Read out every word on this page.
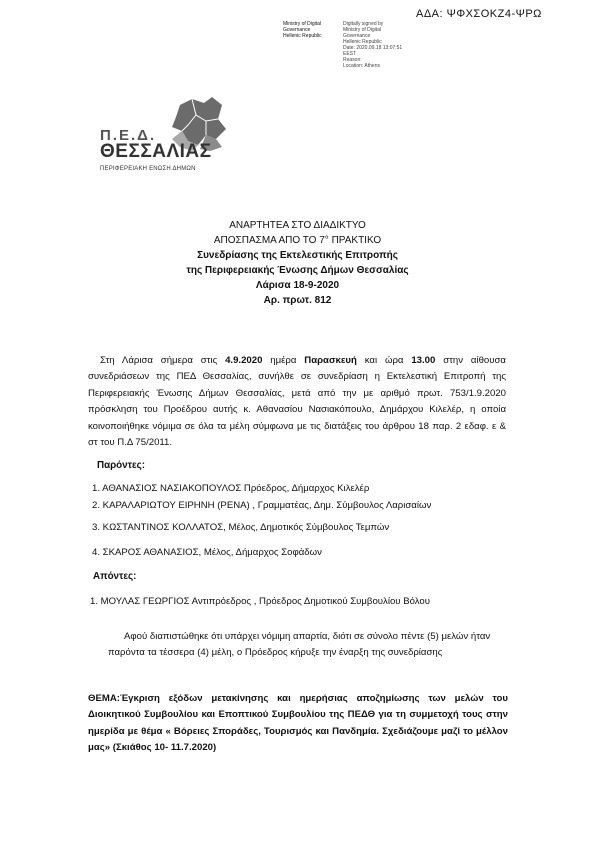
ΑΔΑ: ΨΦΧΣΟΚΖ4-ΨΡΩ
Ministry of Digital
Governance
Hellenic Republic
Digitally signed by
Ministry of Digital
Governance
Hellenic Republic
Date: 2020.09.18 13:07:51
EEST
Reason:
Location: Athens
Π.Ε.Δ.
ΘΕΣΣΑΛΙΑΣ
ΠΕΡΙΦΕΡΕΙΑΚΗ ΕΝΩΣΗ ΔΗΜΩΝ
ΑΝΑΡΤΗΤΕΑ ΣΤΟ ΔΙΑΔΙΚΤΥΟ
ΑΠΟΣΠΑΣΜΑ ΑΠΟ ΤΟ 7° ΠΡΑΚΤΙΚΟ
Συνεδρίασης της Εκτελεστικής Επιτροπής
της Περιφερειακής Ένωσης Δήμων Θεσσαλίας
Λάρισα 18-9-2020
Αρ. πρωτ. 812
Στη Λάρισα σήμερα στις 4.9.2020 ημέρα Παρασκευή και ώρα 13.00 στην αίθουσα συνεδριάσεων της ΠΕΔ Θεσσαλίας, συνήλθε σε συνεδρίαση η Εκτελεστική Επιτροπή της Περιφερειακής Ένωσης Δήμων Θεσσαλίας, μετά από την με αριθμό πρωτ. 753/1.9.2020 πρόσκληση του Προέδρου αυτής κ. Αθανασίου Νασιακόπουλο, Δημάρχου Κιλελέρ, η οποία κοινοποιήθηκε νόμιμα σε όλα τα μέλη σύμφωνα με τις διατάξεις του άρθρου 18 παρ. 2 εδαφ. ε & στ του Π.Δ 75/2011.
Παρόντες:
1. ΑΘΑΝΑΣΙΟΣ ΝΑΣΙΑΚΟΠΟΥΛΟΣ Πρόεδρος, Δήμαρχος Κιλελέρ
2. ΚΑΡΑΛΑΡΙΩΤΟΥ ΕΙΡΗΝΗ (ΡΕΝΑ) , Γραμματέας, Δημ. Σύμβουλος Λαρισαίων
3. ΚΩΣΤΑΝΤΙΝΟΣ ΚΟΛΛΑΤΟΣ, Μέλος, Δημοτικός Σύμβουλος Τεμπών
4. ΣΚΑΡΟΣ ΑΘΑΝΑΣΙΟΣ, Μέλος, Δήμαρχος Σοφάδων
Απόντες:
1. ΜΟΥΛΑΣ ΓΕΩΡΓΙΟΣ Αντιπρόεδρος , Πρόεδρος Δημοτικού Συμβουλίου Βόλου
Αφού διαπιστώθηκε ότι υπάρχει νόμιμη απαρτία, διότι σε σύνολο πέντε (5) μελών ήταν παρόντα τα τέσσερα (4) μέλη, ο Πρόεδρος κήρυξε την έναρξη της συνεδρίασης
ΘΕΜΑ:Έγκριση εξόδων μετακίνησης και ημερήσιας αποζημίωσης των μελών του Διοικητικού Συμβουλίου και Εποπτικού Συμβουλίου της ΠΕΔΘ για τη συμμετοχή τους στην ημερίδα με θέμα « Βόρειες Σποράδες, Τουρισμός και Πανδημία. Σχεδιάζουμε μαζί το μέλλον μας» (Σκιάθος 10- 11.7.2020)
